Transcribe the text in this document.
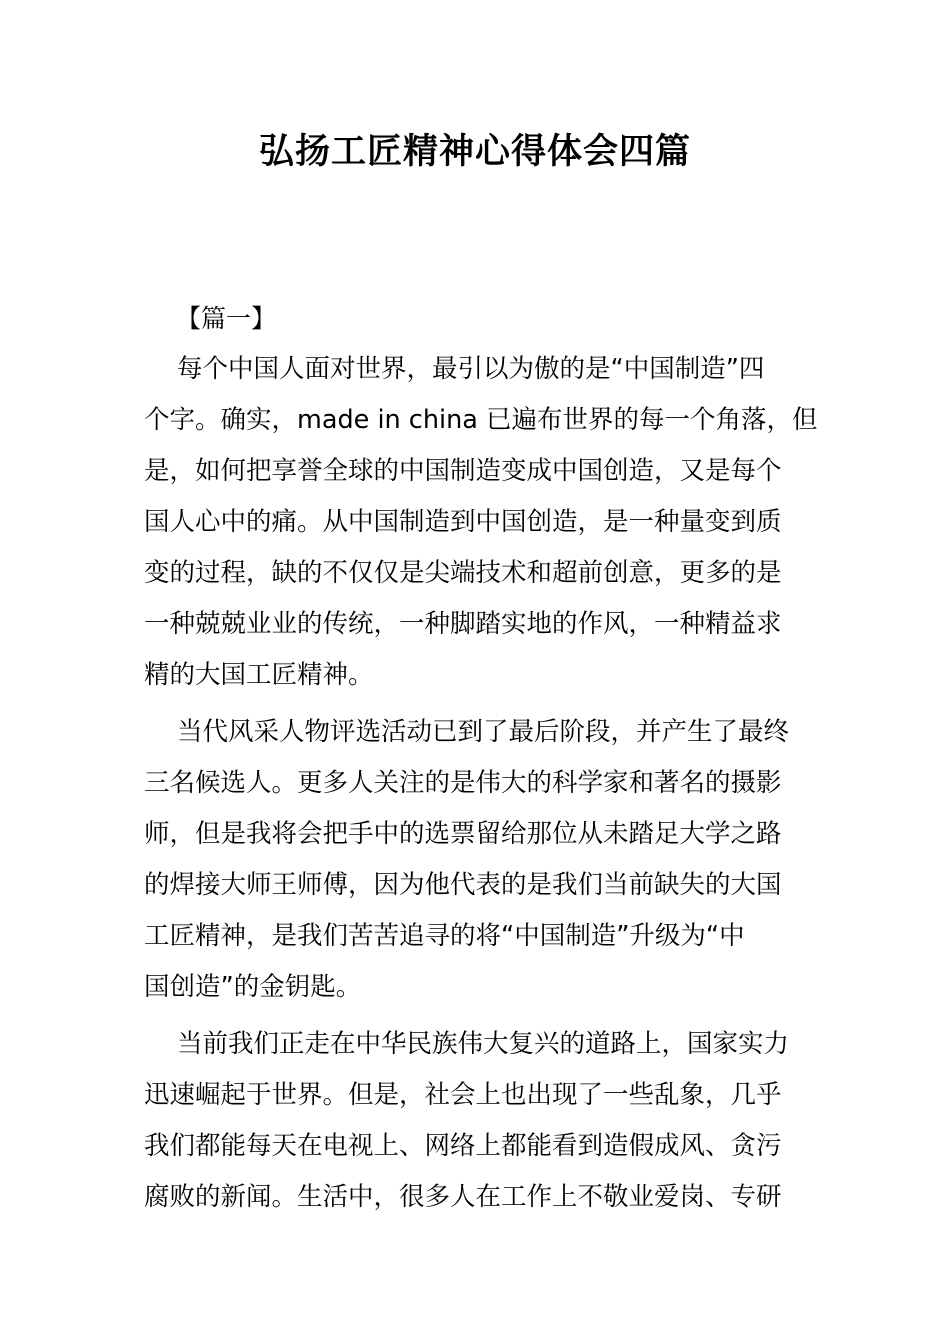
弘扬工匠精神心得体会四篇
【篇一】
每个中国人面对世界，最引以为傲的是“中国制造”四
个字。确实，made in china 已遍布世界的每一个角落，但
是，如何把享誉全球的中国制造变成中国创造，又是每个
国人心中的痛。从中国制造到中国创造，是一种量变到质
变的过程，缺的不仅仅是尖端技术和超前创意，更多的是
一种兢兢业业的传统，一种脚踏实地的作风，一种精益求
精的大国工匠精神。
当代风采人物评选活动已到了最后阶段，并产生了最终
三名候选人。更多人关注的是伟大的科学家和著名的摄影
师，但是我将会把手中的选票留给那位从未踏足大学之路
的焊接大师王师傅，因为他代表的是我们当前缺失的大国
工匠精神，是我们苦苦追寻的将“中国制造”升级为“中
国创造”的金钥匙。
当前我们正走在中华民族伟大复兴的道路上，国家实力
迅速崛起于世界。但是，社会上也出现了一些乱象，几乎
我们都能每天在电视上、网络上都能看到造假成风、贪污
腐败的新闻。生活中，很多人在工作上不敬业爱岗、专研
